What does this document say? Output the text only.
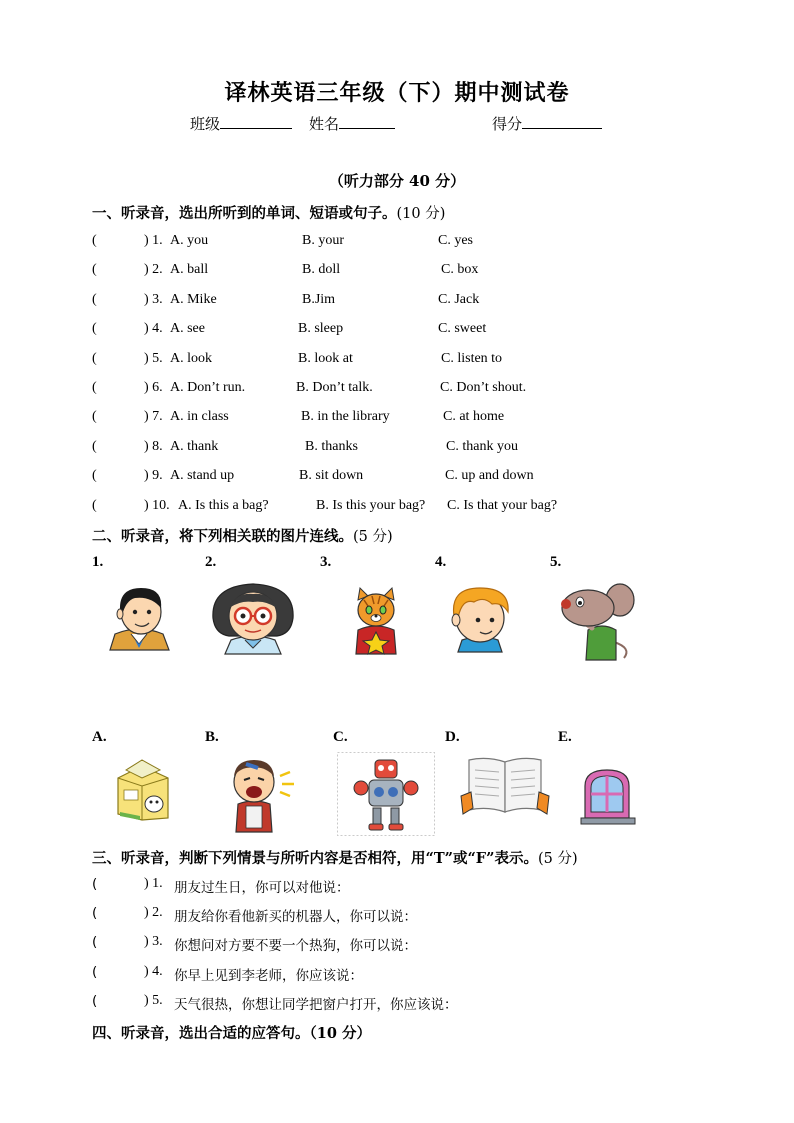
译林英语三年级（下）期中测试卷
班级	姓名	得分
（听力部分 40 分）
一、听录音，选出所听到的单词、短语或句子。(10 分)
(	) 1. A. you	B. your	C. yes
(	) 2. A. ball	B. doll	C. box
(	) 3. A. Mike	B.Jim	C. Jack
(	) 4. A. see	B. sleep	C. sweet
(	) 5. A. look	B. look at	C. listen to
(	) 6. A. Don’t run.	B. Don’t talk.	C. Don’t shout.
(	) 7. A. in class	B. in the library	C. at home
(	) 8. A. thank	B. thanks	C. thank you
(	) 9. A. stand up	B. sit down	C. up and down
(	) 10. A. Is this a bag?	B. Is this your bag? C. Is that your bag?
二、听录音，将下列相关联的图片连线。(5 分)
1.	2.	3.	4.	5.
A.	B.	C.	D.	E.
三、听录音，判断下列情景与所听内容是否相符，用“T”或“F”表示。(5 分)
(	) 1. 朋友过生日，你可以对他说：
(	) 2. 朋友给你看他新买的机器人，你可以说：
(	) 3. 你想问对方要不要一个热狗，你可以说：
(	) 4. 你早上见到李老师，你应该说：
(	) 5. 天气很热，你想让同学把窗户打开，你应该说：
四、听录音，选出合适的应答句。（10 分）
